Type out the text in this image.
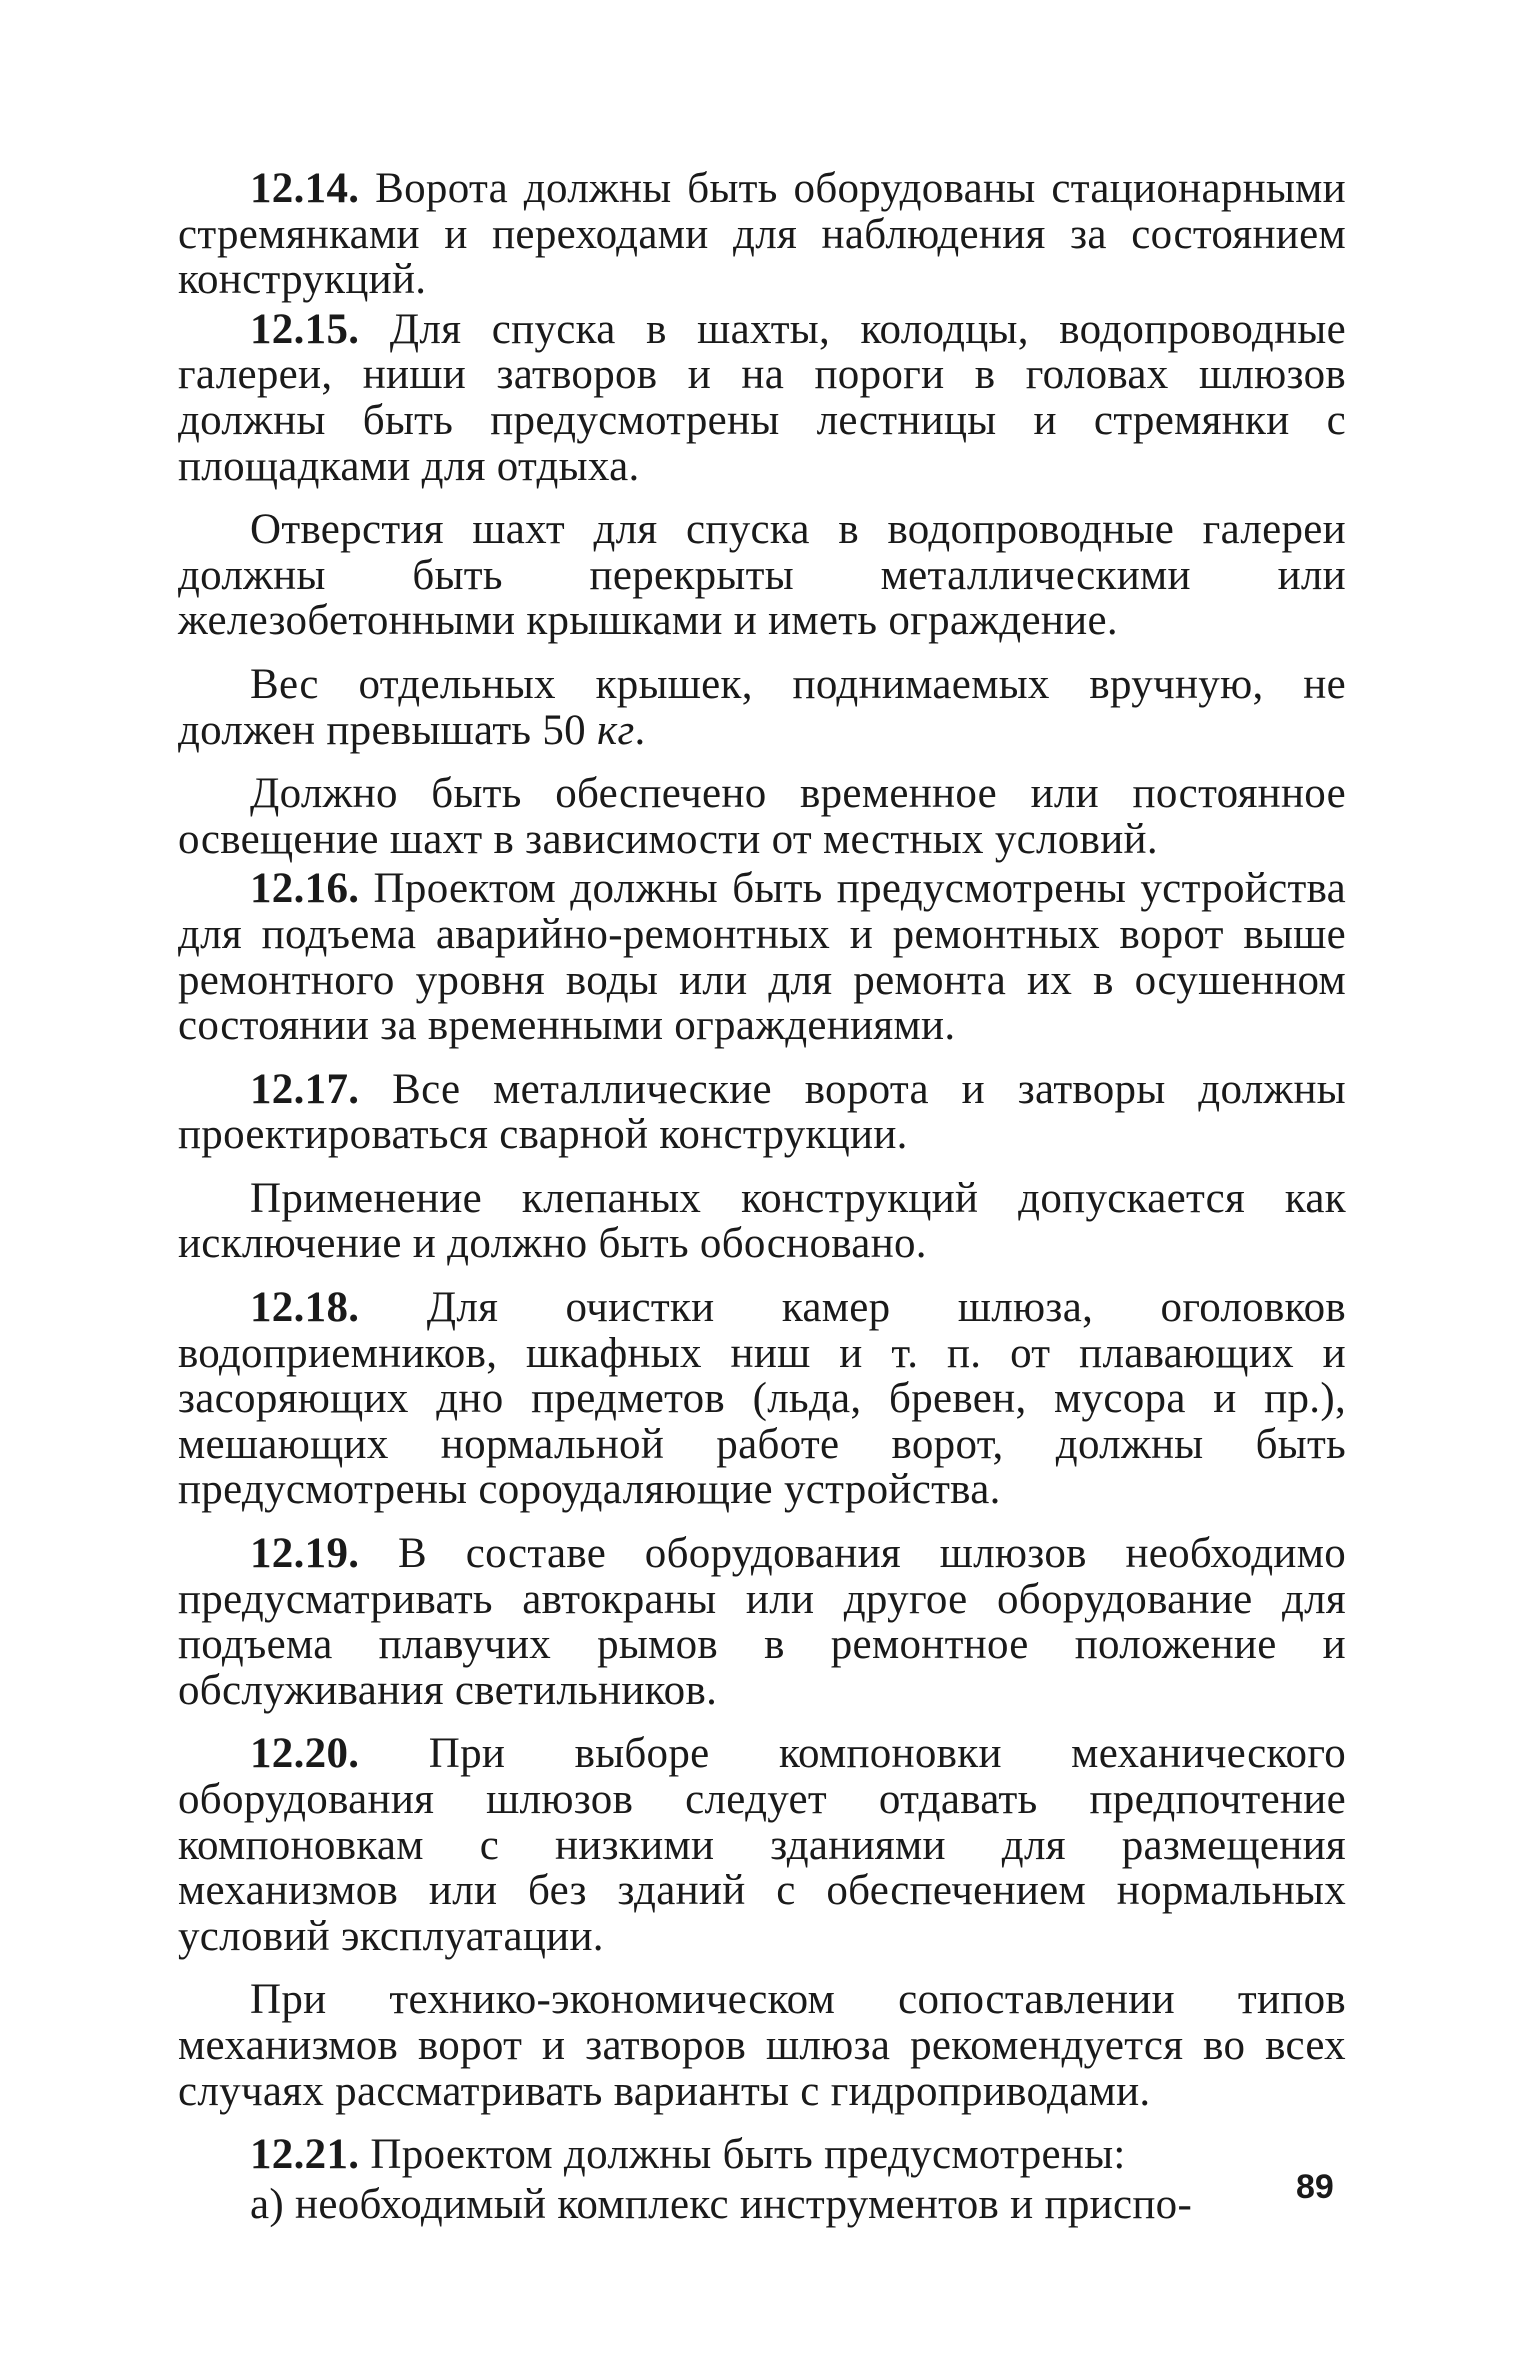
12.14. Ворота должны быть оборудованы стационарными стремянками и переходами для наблюдения за состоянием конструкций.

12.15. Для спуска в шахты, колодцы, водопроводные галереи, ниши затворов и на пороги в головах шлюзов должны быть предусмотрены лестницы и стремянки с площадками для отдыха.

Отверстия шахт для спуска в водопроводные галереи должны быть перекрыты металлическими или железобетонными крышками и иметь ограждение.

Вес отдельных крышек, поднимаемых вручную, не должен превышать 50 кг.

Должно быть обеспечено временное или постоянное освещение шахт в зависимости от местных условий.

12.16. Проектом должны быть предусмотрены устройства для подъема аварийно-ремонтных и ремонтных ворот выше ремонтного уровня воды или для ремонта их в осушенном состоянии за временными ограждениями.

12.17. Все металлические ворота и затворы должны проектироваться сварной конструкции.

Применение клепаных конструкций допускается как исключение и должно быть обосновано.

12.18. Для очистки камер шлюза, оголовков водоприемников, шкафных ниш и т. п. от плавающих и засоряющих дно предметов (льда, бревен, мусора и пр.), мешающих нормальной работе ворот, должны быть предусмотрены сороудаляющие устройства.

12.19. В составе оборудования шлюзов необходимо предусматривать автокраны или другое оборудование для подъема плавучих рымов в ремонтное положение и обслуживания светильников.

12.20. При выборе компоновки механического оборудования шлюзов следует отдавать предпочтение компоновкам с низкими зданиями для размещения механизмов или без зданий с обеспечением нормальных условий эксплуатации.

При технико-экономическом сопоставлении типов механизмов ворот и затворов шлюза рекомендуется во всех случаях рассматривать варианты с гидроприводами.

12.21. Проектом должны быть предусмотрены:

а) необходимый комплекс инструментов и приспо-	89
